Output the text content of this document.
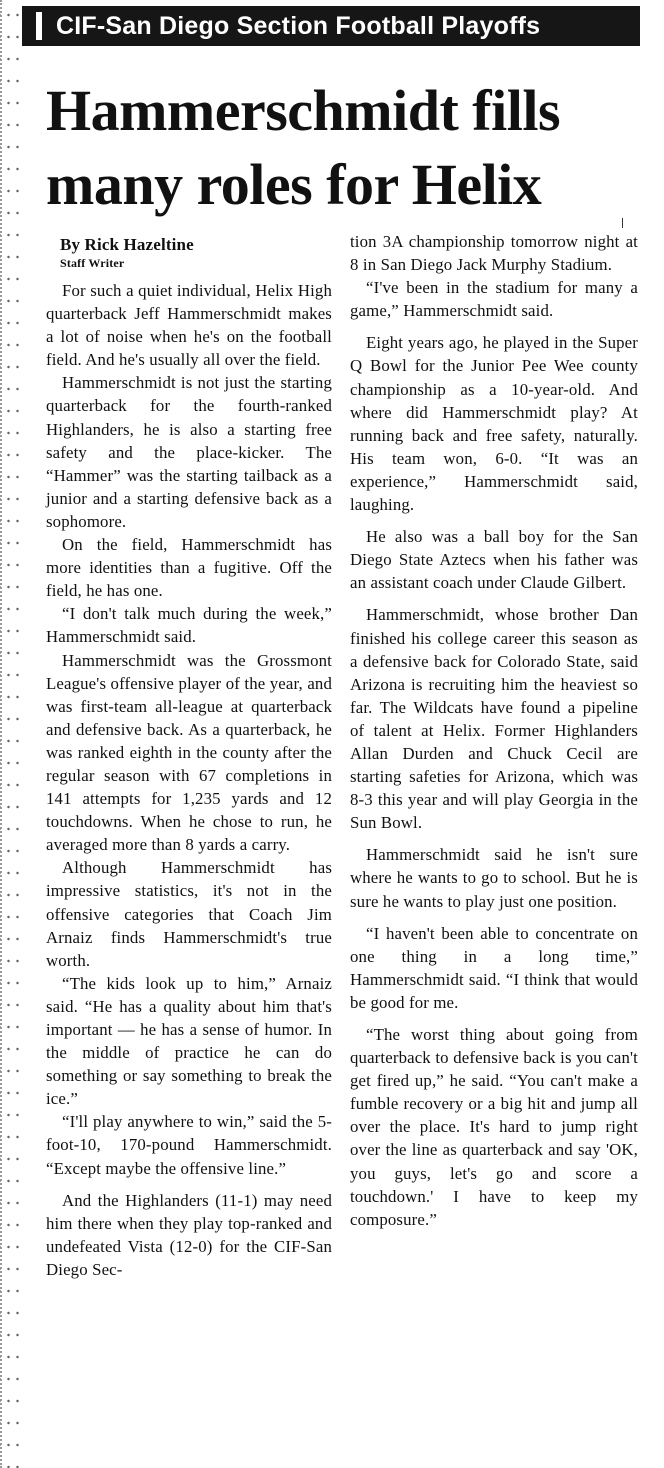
CIF-San Diego Section Football Playoffs
Hammerschmidt fills
many roles for Helix
By Rick Hazeltine
Staff Writer

For such a quiet individual, Helix High quarterback Jeff Hammerschmidt makes a lot of noise when he's on the football field. And he's usually all over the field.

Hammerschmidt is not just the starting quarterback for the fourth-ranked Highlanders, he is also a starting free safety and the place-kicker. The “Hammer” was the starting tailback as a junior and a starting defensive back as a sophomore.

On the field, Hammerschmidt has more identities than a fugitive. Off the field, he has one.

“I don't talk much during the week,” Hammerschmidt said.

Hammerschmidt was the Grossmont League's offensive player of the year, and was first-team all-league at quarterback and defensive back. As a quarterback, he was ranked eighth in the county after the regular season with 67 completions in 141 attempts for 1,235 yards and 12 touchdowns. When he chose to run, he averaged more than 8 yards a carry.

Although Hammerschmidt has impressive statistics, it's not in the offensive categories that Coach Jim Arnaiz finds Hammerschmidt's true worth.

“The kids look up to him,” Arnaiz said. “He has a quality about him that's important — he has a sense of humor. In the middle of practice he can do something or say something to break the ice.”

“I'll play anywhere to win,” said the 5-foot-10, 170-pound Hammerschmidt. “Except maybe the offensive line.”

And the Highlanders (11-1) may need him there when they play top-ranked and undefeated Vista (12-0) for the CIF-San Diego Sec-

tion 3A championship tomorrow night at 8 in San Diego Jack Murphy Stadium.

“I've been in the stadium for many a game,” Hammerschmidt said.

Eight years ago, he played in the Super Q Bowl for the Junior Pee Wee county championship as a 10-year-old. And where did Hammerschmidt play? At running back and free safety, naturally. His team won, 6-0. “It was an experience,” Hammerschmidt said, laughing.

He also was a ball boy for the San Diego State Aztecs when his father was an assistant coach under Claude Gilbert.

Hammerschmidt, whose brother Dan finished his college career this season as a defensive back for Colorado State, said Arizona is recruiting him the heaviest so far. The Wildcats have found a pipeline of talent at Helix. Former Highlanders Allan Durden and Chuck Cecil are starting safeties for Arizona, which was 8-3 this year and will play Georgia in the Sun Bowl.

Hammerschmidt said he isn't sure where he wants to go to school. But he is sure he wants to play just one position.

“I haven't been able to concentrate on one thing in a long time,” Hammerschmidt said. “I think that would be good for me.

“The worst thing about going from quarterback to defensive back is you can't get fired up,” he said. “You can't make a fumble recovery or a big hit and jump all over the place. It's hard to jump right over the line as quarterback and say 'OK, you guys, let's go and score a touchdown.' I have to keep my composure.”
